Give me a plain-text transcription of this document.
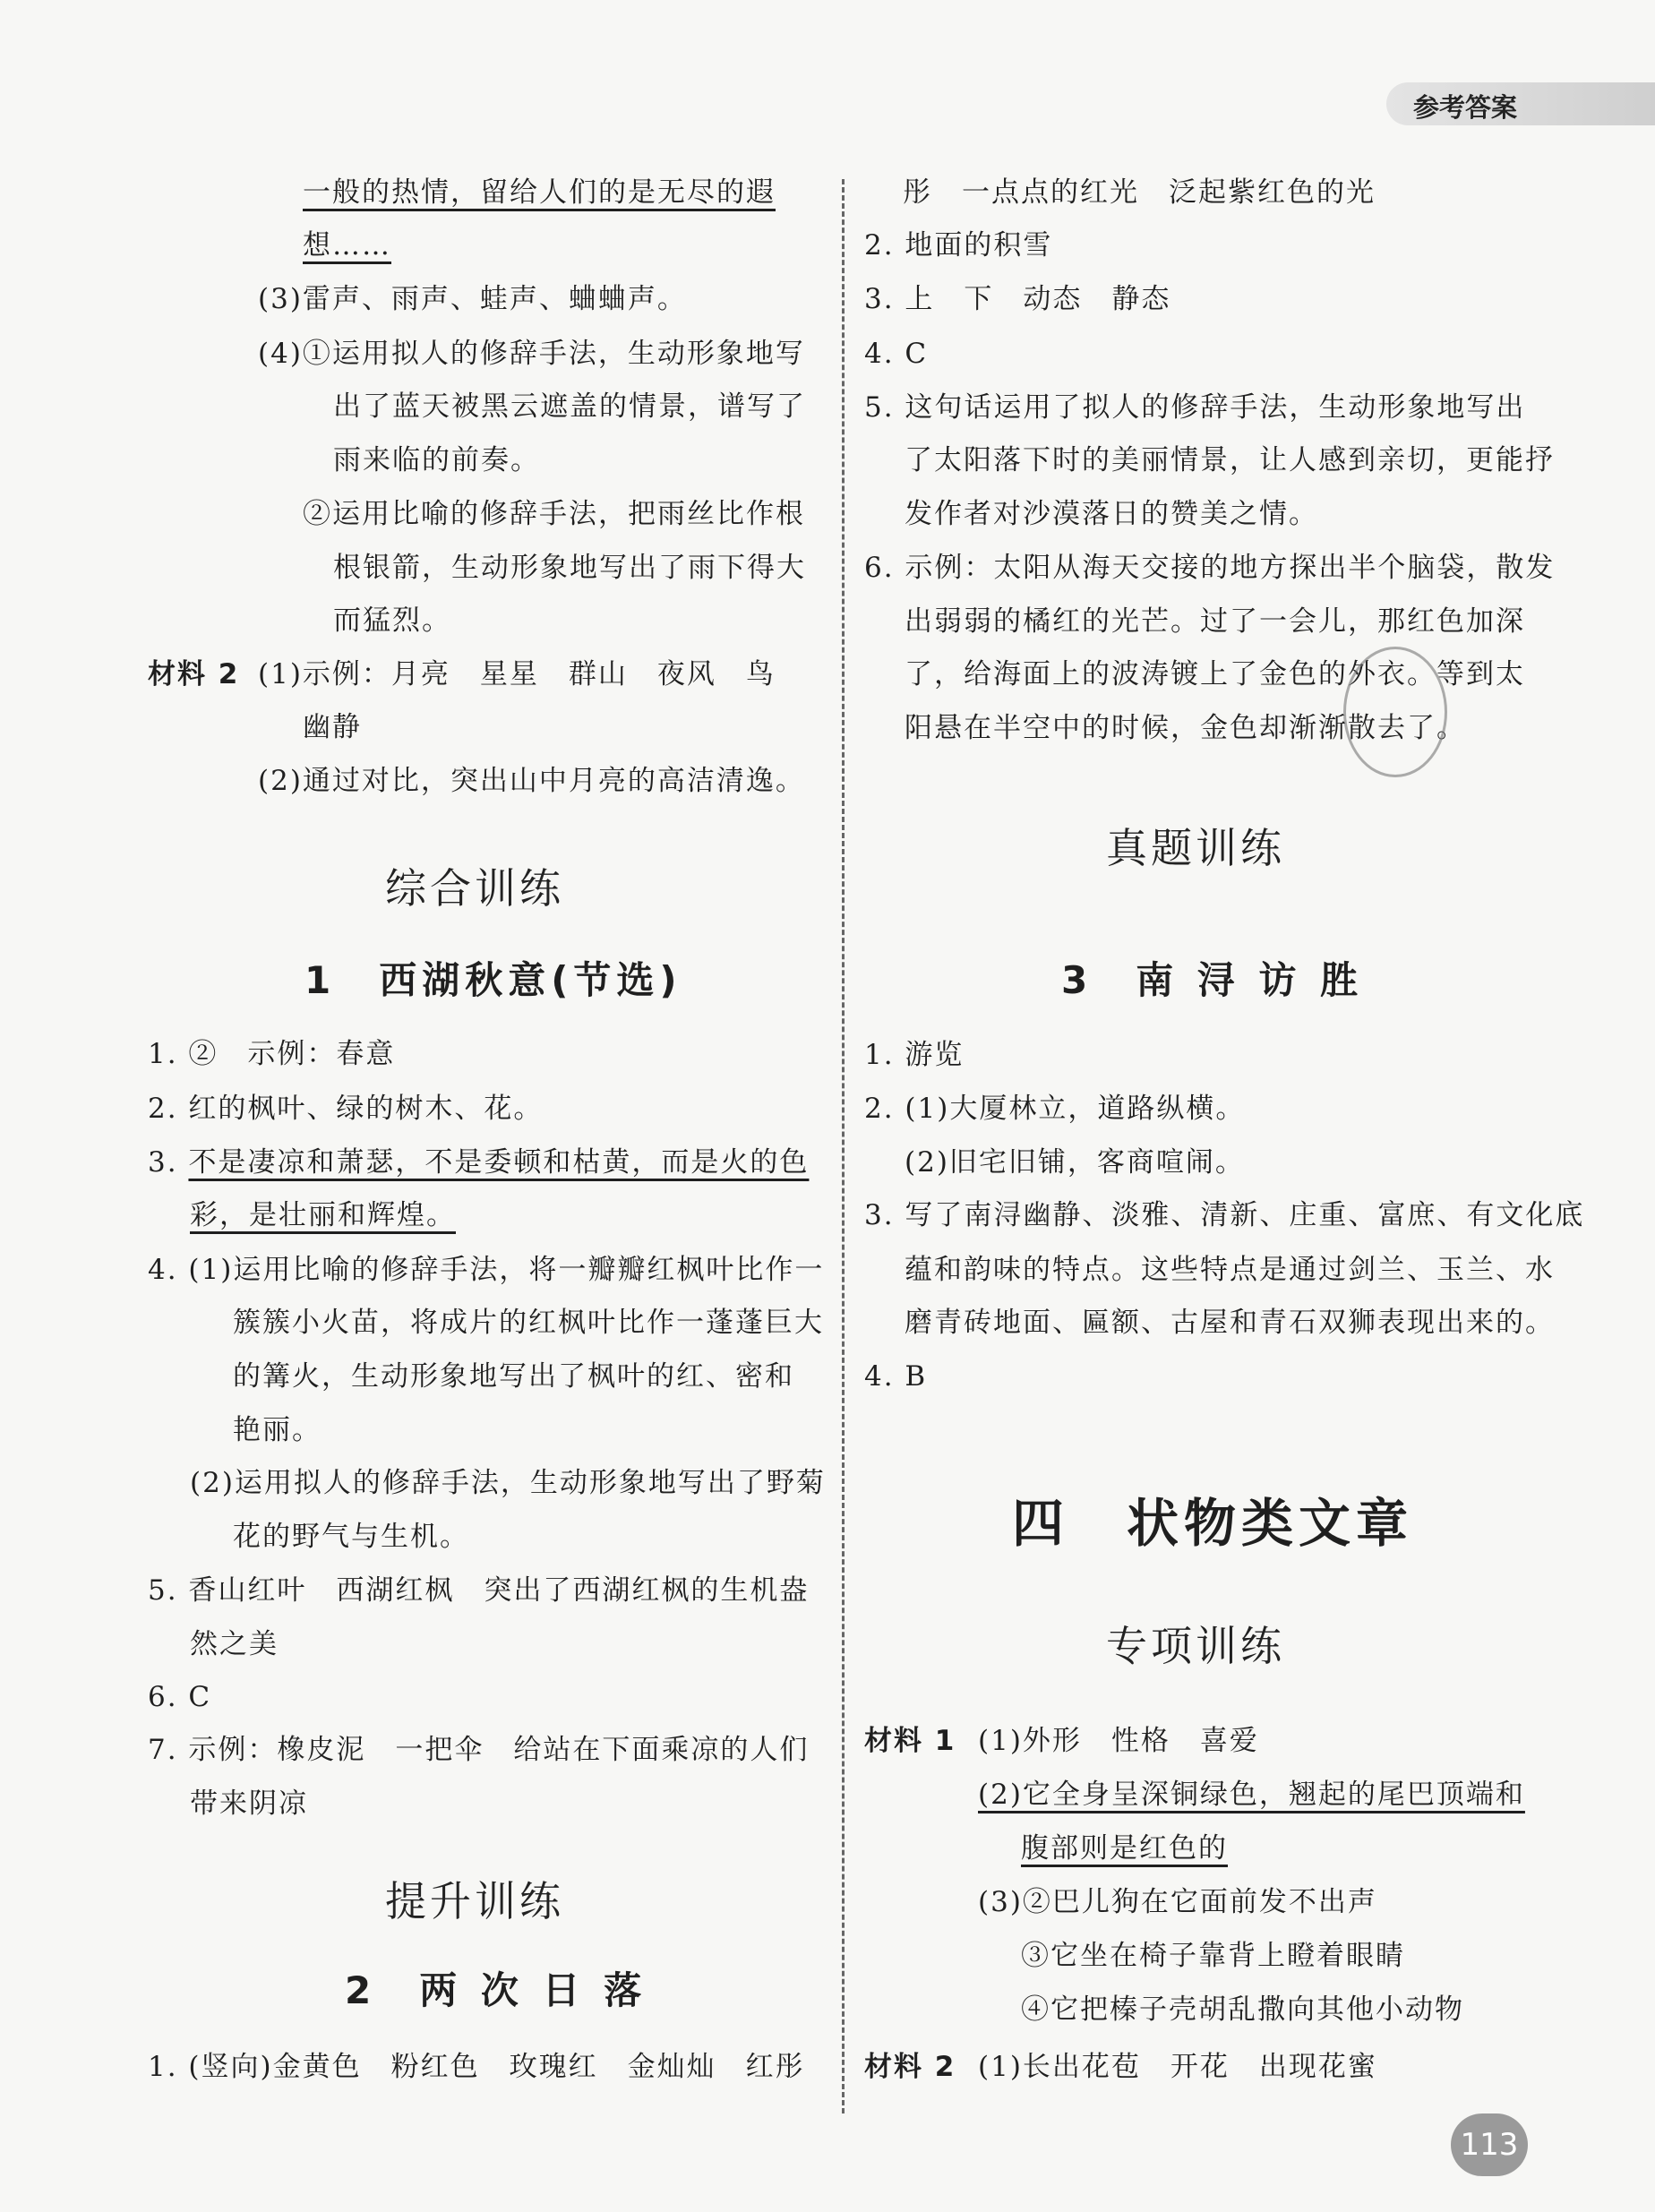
参考答案
一般的热情，留给人们的是无尽的遐
想……
(3)雷声、雨声、蛙声、蛐蛐声。
(4)①运用拟人的修辞手法，生动形象地写
出了蓝天被黑云遮盖的情景，谱写了
雨来临的前奏。
②运用比喻的修辞手法，把雨丝比作根
根银箭，生动形象地写出了雨下得大
而猛烈。
材料 2 (1)示例：月亮　星星　群山　夜风　鸟
幽静
(2)通过对比，突出山中月亮的高洁清逸。
综合训练
1　西湖秋意(节选)
1. ②　示例：春意
2. 红的枫叶、绿的树木、花。
3. 不是凄凉和萧瑟，不是委顿和枯黄，而是火的色
彩，是壮丽和辉煌。
4. (1)运用比喻的修辞手法，将一瓣瓣红枫叶比作一
簇簇小火苗，将成片的红枫叶比作一蓬蓬巨大
的篝火，生动形象地写出了枫叶的红、密和
艳丽。
(2)运用拟人的修辞手法，生动形象地写出了野菊
花的野气与生机。
5. 香山红叶　西湖红枫　突出了西湖红枫的生机盎
然之美
6. C
7. 示例：橡皮泥　一把伞　给站在下面乘凉的人们
带来阴凉
提升训练
2　两 次 日 落
1. (竖向)金黄色　粉红色　玫瑰红　金灿灿　红彤
彤　一点点的红光　泛起紫红色的光
2. 地面的积雪
3. 上　下　动态　静态
4. C
5. 这句话运用了拟人的修辞手法，生动形象地写出
了太阳落下时的美丽情景，让人感到亲切，更能抒
发作者对沙漠落日的赞美之情。
6. 示例：太阳从海天交接的地方探出半个脑袋，散发
出弱弱的橘红的光芒。过了一会儿，那红色加深
了，给海面上的波涛镀上了金色的外衣。等到太
阳悬在半空中的时候，金色却渐渐散去了。
真题训练
3　南 浔 访 胜
1. 游览
2. (1)大厦林立，道路纵横。
(2)旧宅旧铺，客商喧闹。
3. 写了南浔幽静、淡雅、清新、庄重、富庶、有文化底
蕴和韵味的特点。这些特点是通过剑兰、玉兰、水
磨青砖地面、匾额、古屋和青石双狮表现出来的。
4. B
四　状物类文章
专项训练
材料 1 (1)外形　性格　喜爱
(2)它全身呈深铜绿色，翘起的尾巴顶端和
腹部则是红色的
(3)②巴儿狗在它面前发不出声
③它坐在椅子靠背上瞪着眼睛
④它把榛子壳胡乱撒向其他小动物
材料 2 (1)长出花苞　开花　出现花蜜
113
